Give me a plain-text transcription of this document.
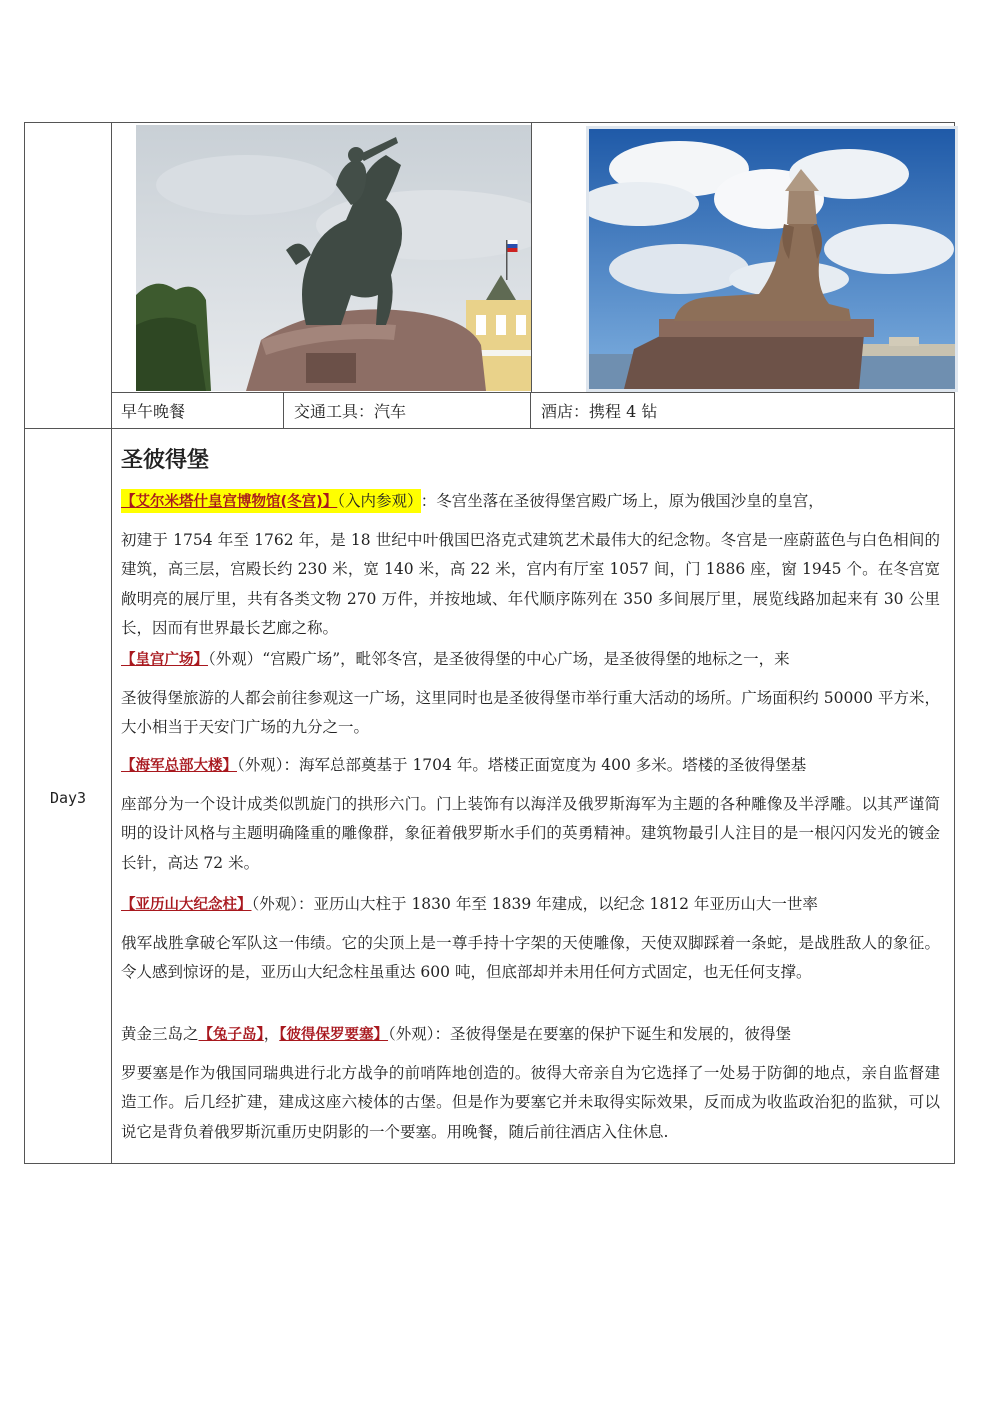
早午晚餐	交通工具：汽车	酒店：携程 4 钻
Day3
圣彼得堡
【艾尔米塔什皇宫博物馆(冬宫)】（入内参观） ：冬宫坐落在圣彼得堡宫殿广场上，原为俄国沙皇的皇宫，
初建于 1754 年至 1762 年，是 18 世纪中叶俄国巴洛克式建筑艺术最伟大的纪念物。冬宫是一座蔚蓝色与白色相间的建筑，高三层，宫殿长约 230 米，宽 140 米，高 22 米，宫内有厅室 1057 间，门 1886 座，窗 1945 个。在冬宫宽敞明亮的展厅里，共有各类文物 270 万件，并按地域、年代顺序陈列在 350 多间展厅里，展览线路加起来有 30 公里长，因而有世界最长艺廊之称。
【皇宫广场】（外观）“宫殿广场”，毗邻冬宫，是圣彼得堡的中心广场，是圣彼得堡的地标之一，来
圣彼得堡旅游的人都会前往参观这一广场，这里同时也是圣彼得堡市举行重大活动的场所。广场面积约 50000 平方米，大小相当于天安门广场的九分之一。
【海军总部大楼】（外观）：海军总部奠基于 1704 年。塔楼正面宽度为 400 多米。塔楼的圣彼得堡基
座部分为一个设计成类似凯旋门的拱形六门。门上装饰有以海洋及俄罗斯海军为主题的各种雕像及半浮雕。以其严谨简明的设计风格与主题明确隆重的雕像群，象征着俄罗斯水手们的英勇精神。建筑物最引人注目的是一根闪闪发光的镀金长针，高达 72 米。
【亚历山大纪念柱】（外观）：亚历山大柱于 1830 年至 1839 年建成，以纪念 1812 年亚历山大一世率
俄军战胜拿破仑军队这一伟绩。它的尖顶上是一尊手持十字架的天使雕像，天使双脚踩着一条蛇，是战胜敌人的象征。令人感到惊讶的是，亚历山大纪念柱虽重达 600 吨，但底部却并未用任何方式固定，也无任何支撑。
黄金三岛之【兔子岛】，【彼得保罗要塞】（外观）：圣彼得堡是在要塞的保护下诞生和发展的，彼得堡
罗要塞是作为俄国同瑞典进行北方战争的前哨阵地创造的。彼得大帝亲自为它选择了一处易于防御的地点，亲自监督建造工作。后几经扩建，建成这座六棱体的古堡。但是作为要塞它并未取得实际效果，反而成为收监政治犯的监狱，可以说它是背负着俄罗斯沉重历史阴影的一个要塞。用晚餐，随后前往酒店入住休息.
